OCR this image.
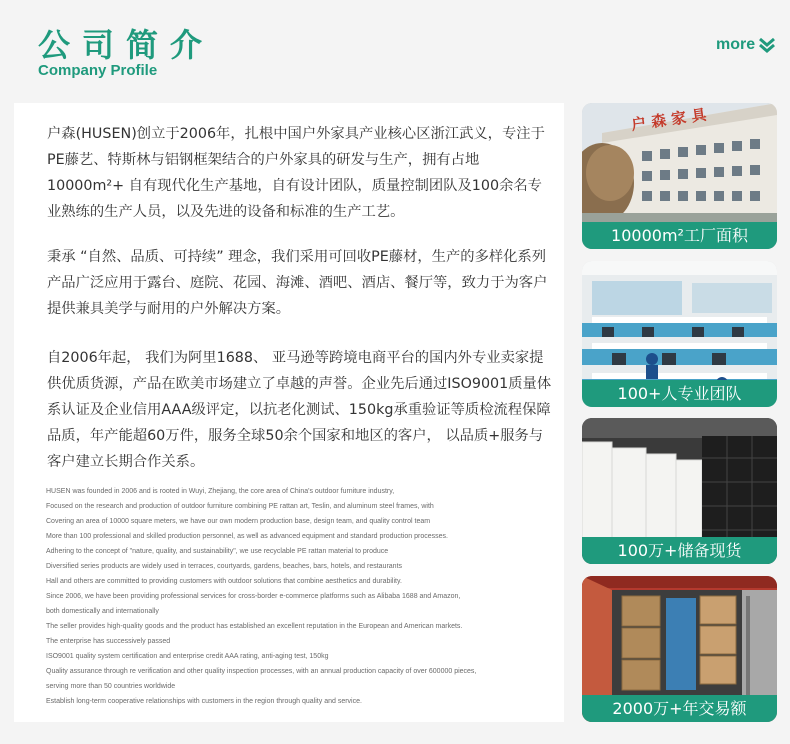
公司简介
Company Profile
more

户森(HUSEN)创立于2006年，扎根中国户外家具产业核心区浙江武义，专注于PE藤艺、特斯林与铝钢框架结合的户外家具的研发与生产，拥有占地10000m²+ 自有现代化生产基地，自有设计团队，质量控制团队及100余名专业熟练的生产人员，以及先进的设备和标准的生产工艺。

秉承 “自然、品质、可持续” 理念，我们采用可回收PE藤材，生产的多样化系列产品广泛应用于露台、庭院、花园、海滩、酒吧、酒店、餐厅等，致力于为客户提供兼具美学与耐用的户外解决方案。

自2006年起， 我们为阿里1688、 亚马逊等跨境电商平台的国内外专业卖家提供优质货源，产品在欧美市场建立了卓越的声誉。企业先后通过ISO9001质量体系认证及企业信用AAA级评定，以抗老化测试、150kg承重验证等质检流程保障品质，年产能超60万件，服务全球50余个国家和地区的客户， 以品质+服务与客户建立长期合作关系。

HUSEN was founded in 2006 and is rooted in Wuyi, Zhejiang, the core area of China's outdoor furniture industry,
Focused on the research and production of outdoor furniture combining PE rattan art, Teslin, and aluminum steel frames, with
Covering an area of 10000 square meters, we have our own modern production base, design team, and quality control team
More than 100 professional and skilled production personnel, as well as advanced equipment and standard production processes.
Adhering to the concept of "nature, quality, and sustainability", we use recyclable PE rattan material to produce
Diversified series products are widely used in terraces, courtyards, gardens, beaches, bars, hotels, and restaurants
Hall and others are committed to providing customers with outdoor solutions that combine aesthetics and durability.
Since 2006, we have been providing professional services for cross-border e-commerce platforms such as Alibaba 1688 and Amazon,
both domestically and internationally
The seller provides high-quality goods and the product has established an excellent reputation in the European and American markets.
The enterprise has successively passed
ISO9001 quality system certification and enterprise credit AAA rating, anti-aging test, 150kg
Quality assurance through re verification and other quality inspection processes, with an annual production capacity of over 600000 pieces,
serving more than 50 countries worldwide
Establish long-term cooperative relationships with customers in the region through quality and service.
户 森 家 具
10000m²工厂面积
100+人专业团队
100万+储备现货
2000万+年交易额
